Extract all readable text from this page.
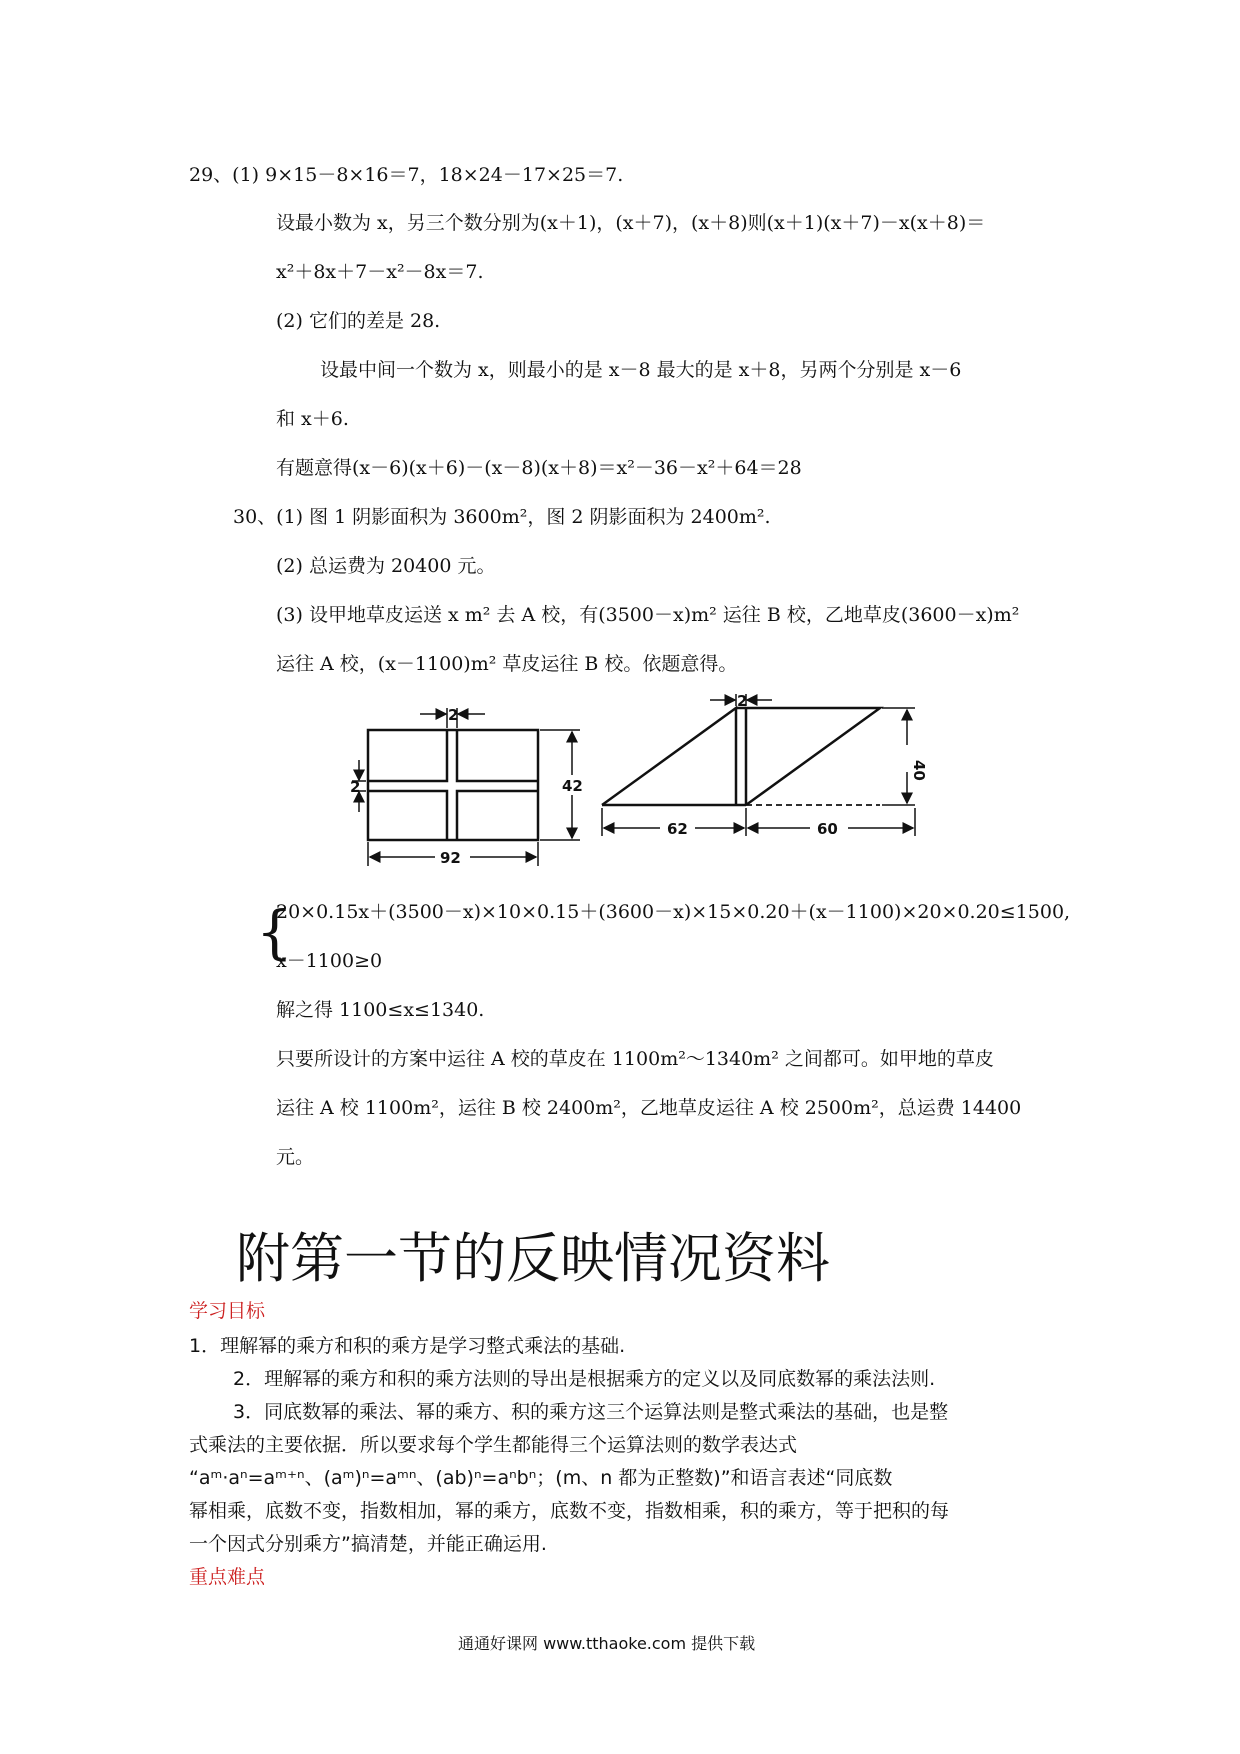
29、(1) 9×15－8×16＝7，18×24－17×25＝7.
设最小数为 x，另三个数分别为(x＋1)，(x＋7)，(x＋8)则(x＋1)(x＋7)－x(x＋8)＝
x²＋8x＋7－x²－8x＝7.
(2) 它们的差是 28.
设最中间一个数为 x，则最小的是 x－8 最大的是 x＋8，另两个分别是 x－6
和 x＋6.
有题意得(x－6)(x＋6)－(x－8)(x＋8)＝x²－36－x²＋64＝28
30、(1) 图 1 阴影面积为 3600m²，图 2 阴影面积为 2400m².
(2) 总运费为 20400 元。
(3) 设甲地草皮运送 x m² 去 A 校，有(3500－x)m² 运往 B 校，乙地草皮(3600－x)m²
运往 A 校，(x－1100)m² 草皮运往 B 校。依题意得。
2
2	42
92
2
40
62	60
{
20×0.15x＋(3500－x)×10×0.15＋(3600－x)×15×0.20＋(x－1100)×20×0.20≤1500,
x－1100≥0
解之得 1100≤x≤1340.
只要所设计的方案中运往 A 校的草皮在 1100m²～1340m² 之间都可。如甲地的草皮
运往 A 校 1100m²，运往 B 校 2400m²，乙地草皮运往 A 校 2500m²，总运费 14400
元。
附第一节的反映情况资料
学习目标
1．理解幂的乘方和积的乘方是学习整式乘法的基础.
2．理解幂的乘方和积的乘方法则的导出是根据乘方的定义以及同底数幂的乘法法则.
3．同底数幂的乘法、幂的乘方、积的乘方这三个运算法则是整式乘法的基础，也是整
式乘法的主要依据．所以要求每个学生都能得三个运算法则的数学表达式
“aᵐ·aⁿ=aᵐ⁺ⁿ、(aᵐ)ⁿ=aᵐⁿ、(ab)ⁿ=aⁿbⁿ；(m、n 都为正整数)”和语言表述“同底数
幂相乘，底数不变，指数相加，幂的乘方，底数不变，指数相乘，积的乘方，等于把积的每
一个因式分别乘方”搞清楚，并能正确运用.
重点难点
通通好课网 www.tthaoke.com 提供下载
